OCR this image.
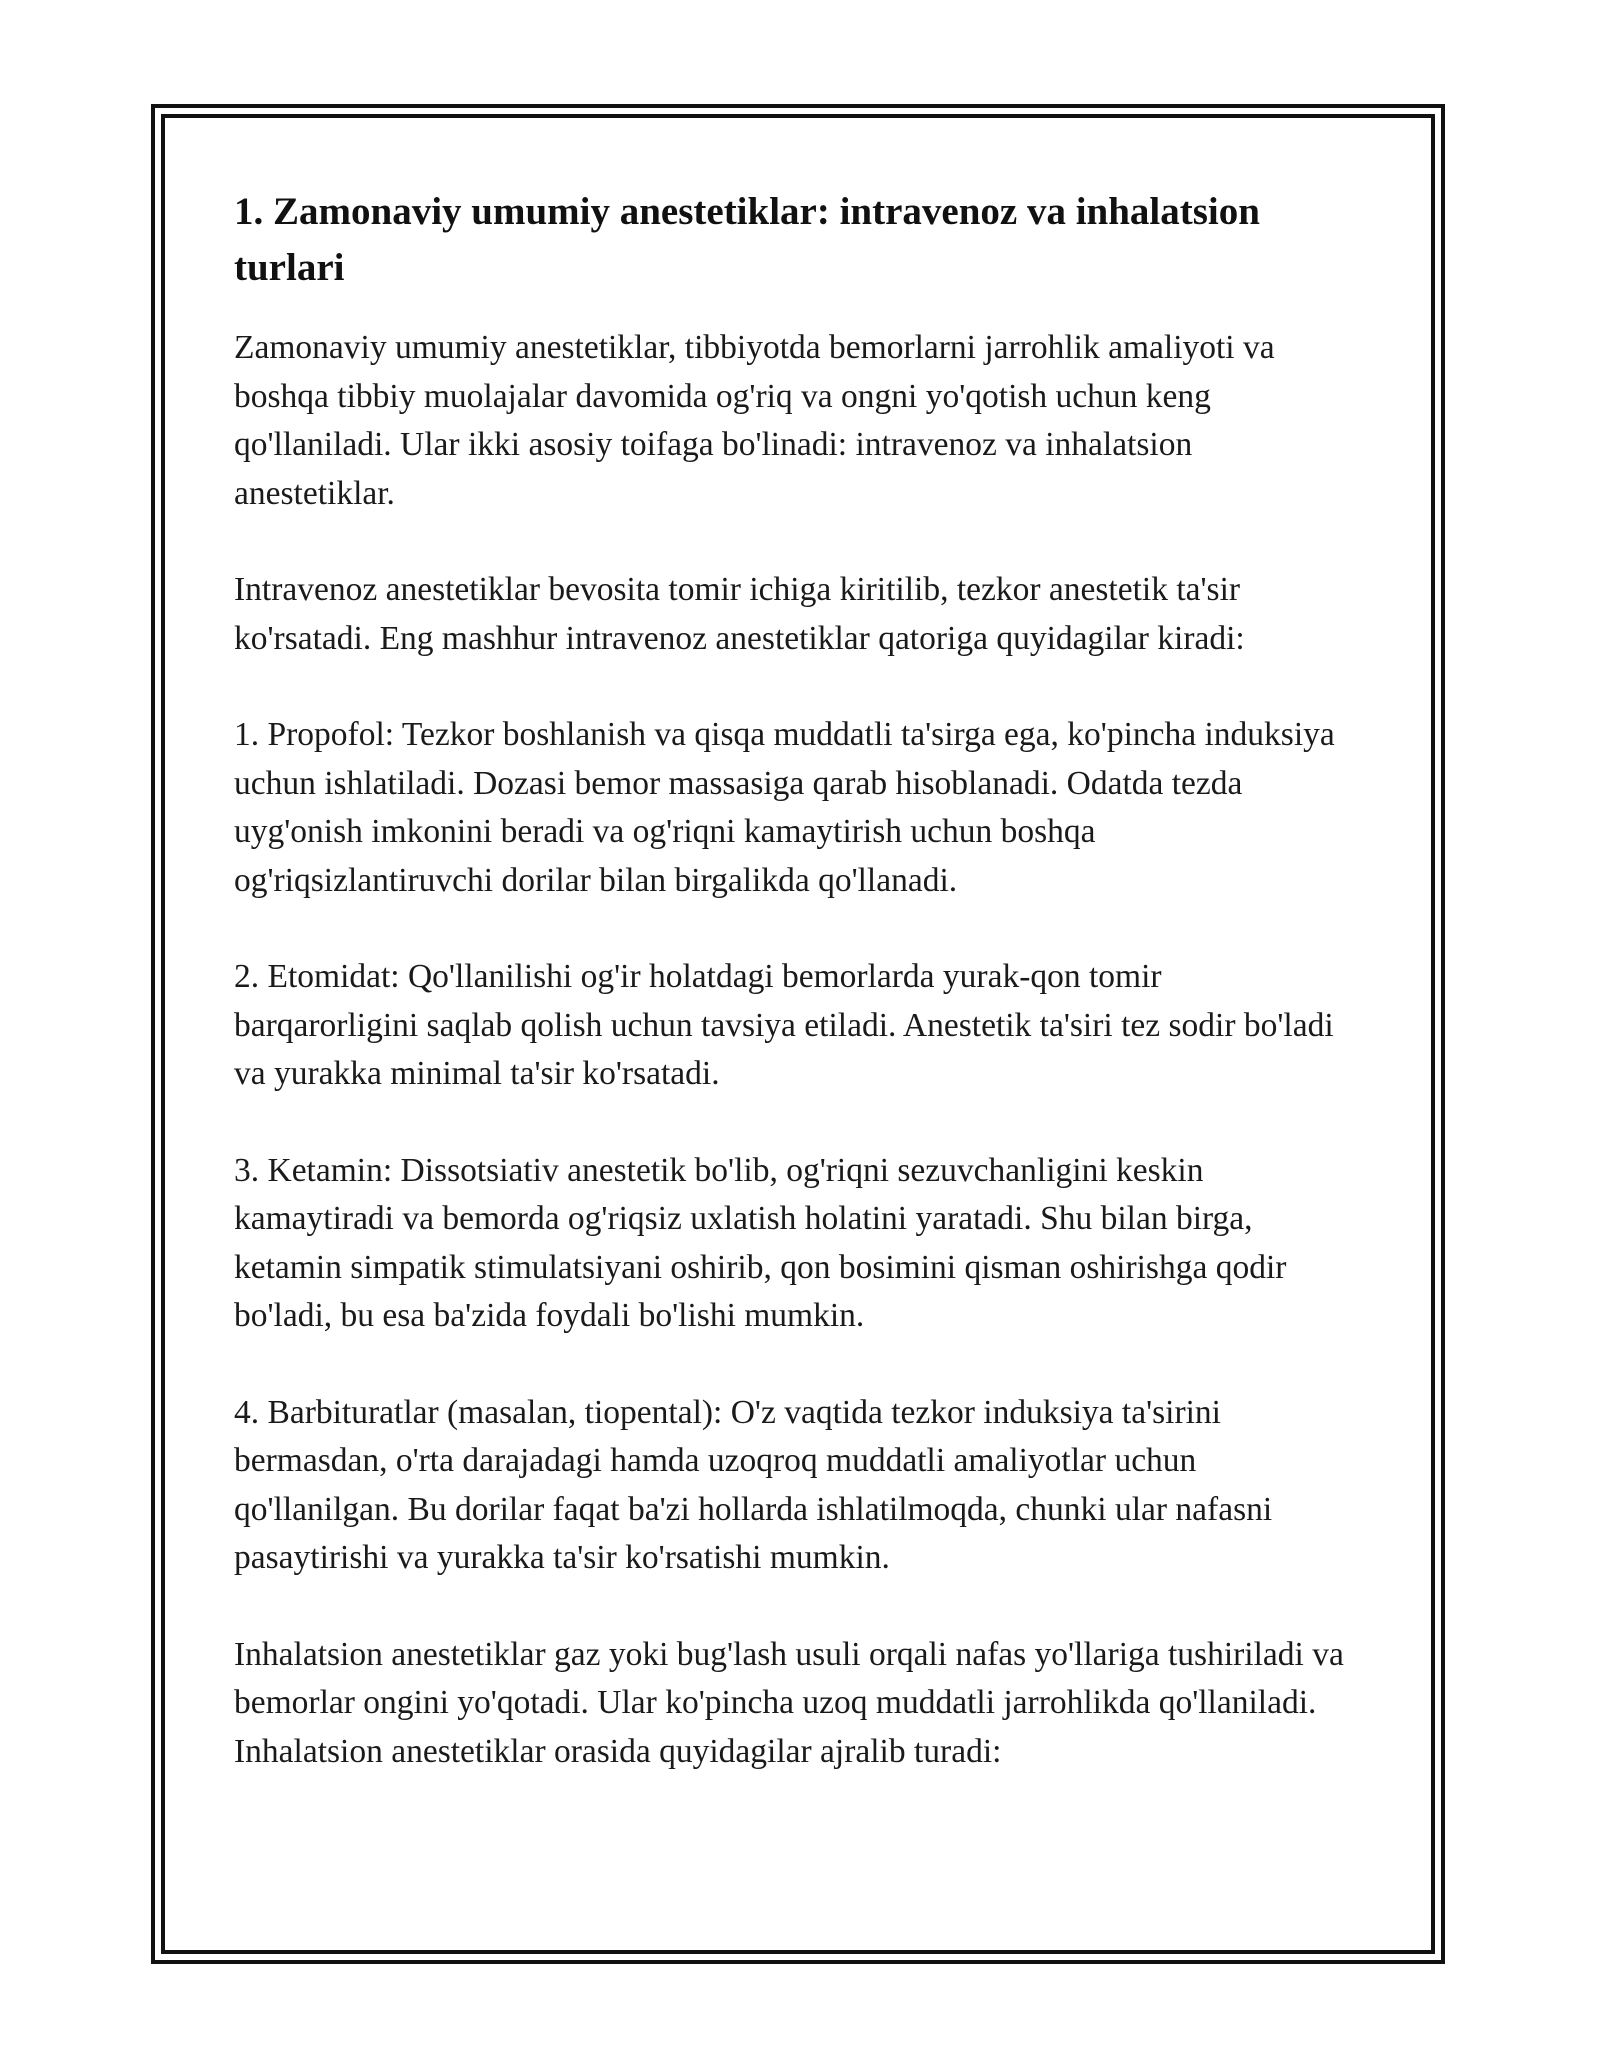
1. Zamonaviy umumiy anestetiklar: intravenoz va inhalatsion turlari

Zamonaviy umumiy anestetiklar, tibbiyotda bemorlarni jarrohlik amaliyoti va boshqa tibbiy muolajalar davomida og'riq va ongni yo'qotish uchun keng qo'llaniladi. Ular ikki asosiy toifaga bo'linadi: intravenoz va inhalatsion anestetiklar.

Intravenoz anestetiklar bevosita tomir ichiga kiritilib, tezkor anestetik ta'sir ko'rsatadi. Eng mashhur intravenoz anestetiklar qatoriga quyidagilar kiradi:

1. Propofol: Tezkor boshlanish va qisqa muddatli ta'sirga ega, ko'pincha induksiya uchun ishlatiladi. Dozasi bemor massasiga qarab hisoblanadi. Odatda tezda uyg'onish imkonini beradi va og'riqni kamaytirish uchun boshqa og'riqsizlantiruvchi dorilar bilan birgalikda qo'llanadi.

2. Etomidat: Qo'llanilishi og'ir holatdagi bemorlarda yurak-qon tomir barqarorligini saqlab qolish uchun tavsiya etiladi. Anestetik ta'siri tez sodir bo'ladi va yurakka minimal ta'sir ko'rsatadi.

3. Ketamin: Dissotsiativ anestetik bo'lib, og'riqni sezuvchanligini keskin kamaytiradi va bemorda og'riqsiz uxlatish holatini yaratadi. Shu bilan birga, ketamin simpatik stimulatsiyani oshirib, qon bosimini qisman oshirishga qodir bo'ladi, bu esa ba'zida foydali bo'lishi mumkin.

4. Barbituratlar (masalan, tiopental): O'z vaqtida tezkor induksiya ta'sirini bermasdan, o'rta darajadagi hamda uzoqroq muddatli amaliyotlar uchun qo'llanilgan. Bu dorilar faqat ba'zi hollarda ishlatilmoqda, chunki ular nafasni pasaytirishi va yurakka ta'sir ko'rsatishi mumkin.

Inhalatsion anestetiklar gaz yoki bug'lash usuli orqali nafas yo'llariga tushiriladi va bemorlar ongini yo'qotadi. Ular ko'pincha uzoq muddatli jarrohlikda qo'llaniladi. Inhalatsion anestetiklar orasida quyidagilar ajralib turadi:
